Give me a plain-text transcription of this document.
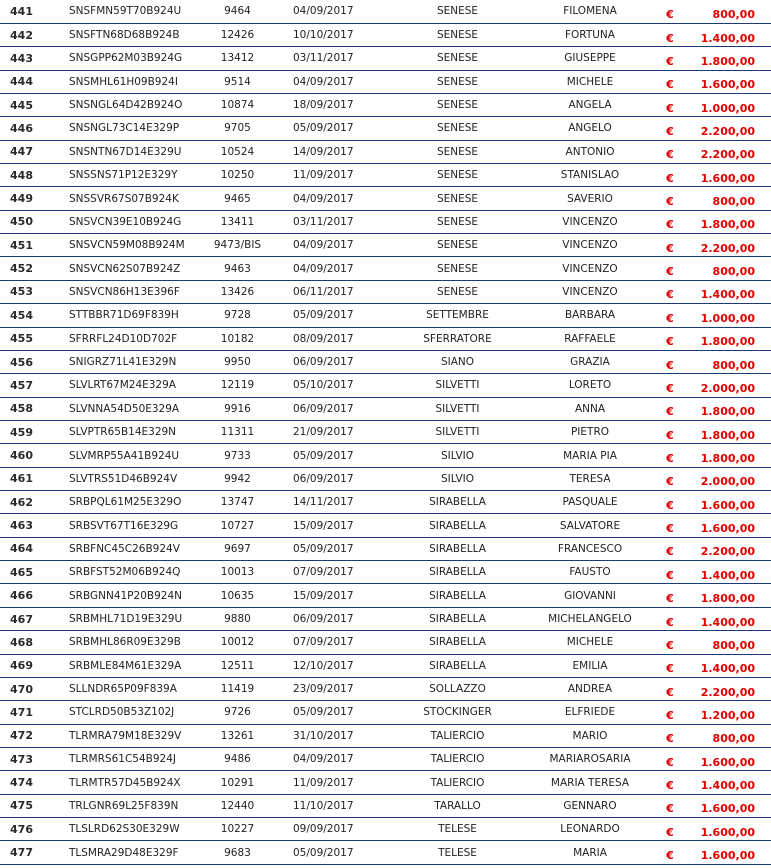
441	SNSFMN59T70B924U	9464	04/09/2017	SENESE	FILOMENA	€	800,00
442	SNSFTN68D68B924B	12426	10/10/2017	SENESE	FORTUNA	€	1.400,00
443	SNSGPP62M03B924G	13412	03/11/2017	SENESE	GIUSEPPE	€	1.800,00
444	SNSMHL61H09B924I	9514	04/09/2017	SENESE	MICHELE	€	1.600,00
445	SNSNGL64D42B924O	10874	18/09/2017	SENESE	ANGELA	€	1.000,00
446	SNSNGL73C14E329P	9705	05/09/2017	SENESE	ANGELO	€	2.200,00
447	SNSNTN67D14E329U	10524	14/09/2017	SENESE	ANTONIO	€	2.200,00
448	SNSSNS71P12E329Y	10250	11/09/2017	SENESE	STANISLAO	€	1.600,00
449	SNSSVR67S07B924K	9465	04/09/2017	SENESE	SAVERIO	€	800,00
450	SNSVCN39E10B924G	13411	03/11/2017	SENESE	VINCENZO	€	1.800,00
451	SNSVCN59M08B924M	9473/BIS	04/09/2017	SENESE	VINCENZO	€	2.200,00
452	SNSVCN62S07B924Z	9463	04/09/2017	SENESE	VINCENZO	€	800,00
453	SNSVCN86H13E396F	13426	06/11/2017	SENESE	VINCENZO	€	1.400,00
454	STTBBR71D69F839H	9728	05/09/2017	SETTEMBRE	BARBARA	€	1.000,00
455	SFRRFL24D10D702F	10182	08/09/2017	SFERRATORE	RAFFAELE	€	1.800,00
456	SNIGRZ71L41E329N	9950	06/09/2017	SIANO	GRAZIA	€	800,00
457	SLVLRT67M24E329A	12119	05/10/2017	SILVETTI	LORETO	€	2.000,00
458	SLVNNA54D50E329A	9916	06/09/2017	SILVETTI	ANNA	€	1.800,00
459	SLVPTR65B14E329N	11311	21/09/2017	SILVETTI	PIETRO	€	1.800,00
460	SLVMRP55A41B924U	9733	05/09/2017	SILVIO	MARIA PIA	€	1.800,00
461	SLVTRS51D46B924V	9942	06/09/2017	SILVIO	TERESA	€	2.000,00
462	SRBPQL61M25E329O	13747	14/11/2017	SIRABELLA	PASQUALE	€	1.600,00
463	SRBSVT67T16E329G	10727	15/09/2017	SIRABELLA	SALVATORE	€	1.600,00
464	SRBFNC45C26B924V	9697	05/09/2017	SIRABELLA	FRANCESCO	€	2.200,00
465	SRBFST52M06B924Q	10013	07/09/2017	SIRABELLA	FAUSTO	€	1.400,00
466	SRBGNN41P20B924N	10635	15/09/2017	SIRABELLA	GIOVANNI	€	1.800,00
467	SRBMHL71D19E329U	9880	06/09/2017	SIRABELLA	MICHELANGELO	€	1.400,00
468	SRBMHL86R09E329B	10012	07/09/2017	SIRABELLA	MICHELE	€	800,00
469	SRBMLE84M61E329A	12511	12/10/2017	SIRABELLA	EMILIA	€	1.400,00
470	SLLNDR65P09F839A	11419	23/09/2017	SOLLAZZO	ANDREA	€	2.200,00
471	STCLRD50B53Z102J	9726	05/09/2017	STOCKINGER	ELFRIEDE	€	1.200,00
472	TLRMRA79M18E329V	13261	31/10/2017	TALIERCIO	MARIO	€	800,00
473	TLRMRS61C54B924J	9486	04/09/2017	TALIERCIO	MARIAROSARIA	€	1.600,00
474	TLRMTR57D45B924X	10291	11/09/2017	TALIERCIO	MARIA TERESA	€	1.400,00
475	TRLGNR69L25F839N	12440	11/10/2017	TARALLO	GENNARO	€	1.600,00
476	TLSLRD62S30E329W	10227	09/09/2017	TELESE	LEONARDO	€	1.600,00
477	TLSMRA29D48E329F	9683	05/09/2017	TELESE	MARIA	€	1.600,00
